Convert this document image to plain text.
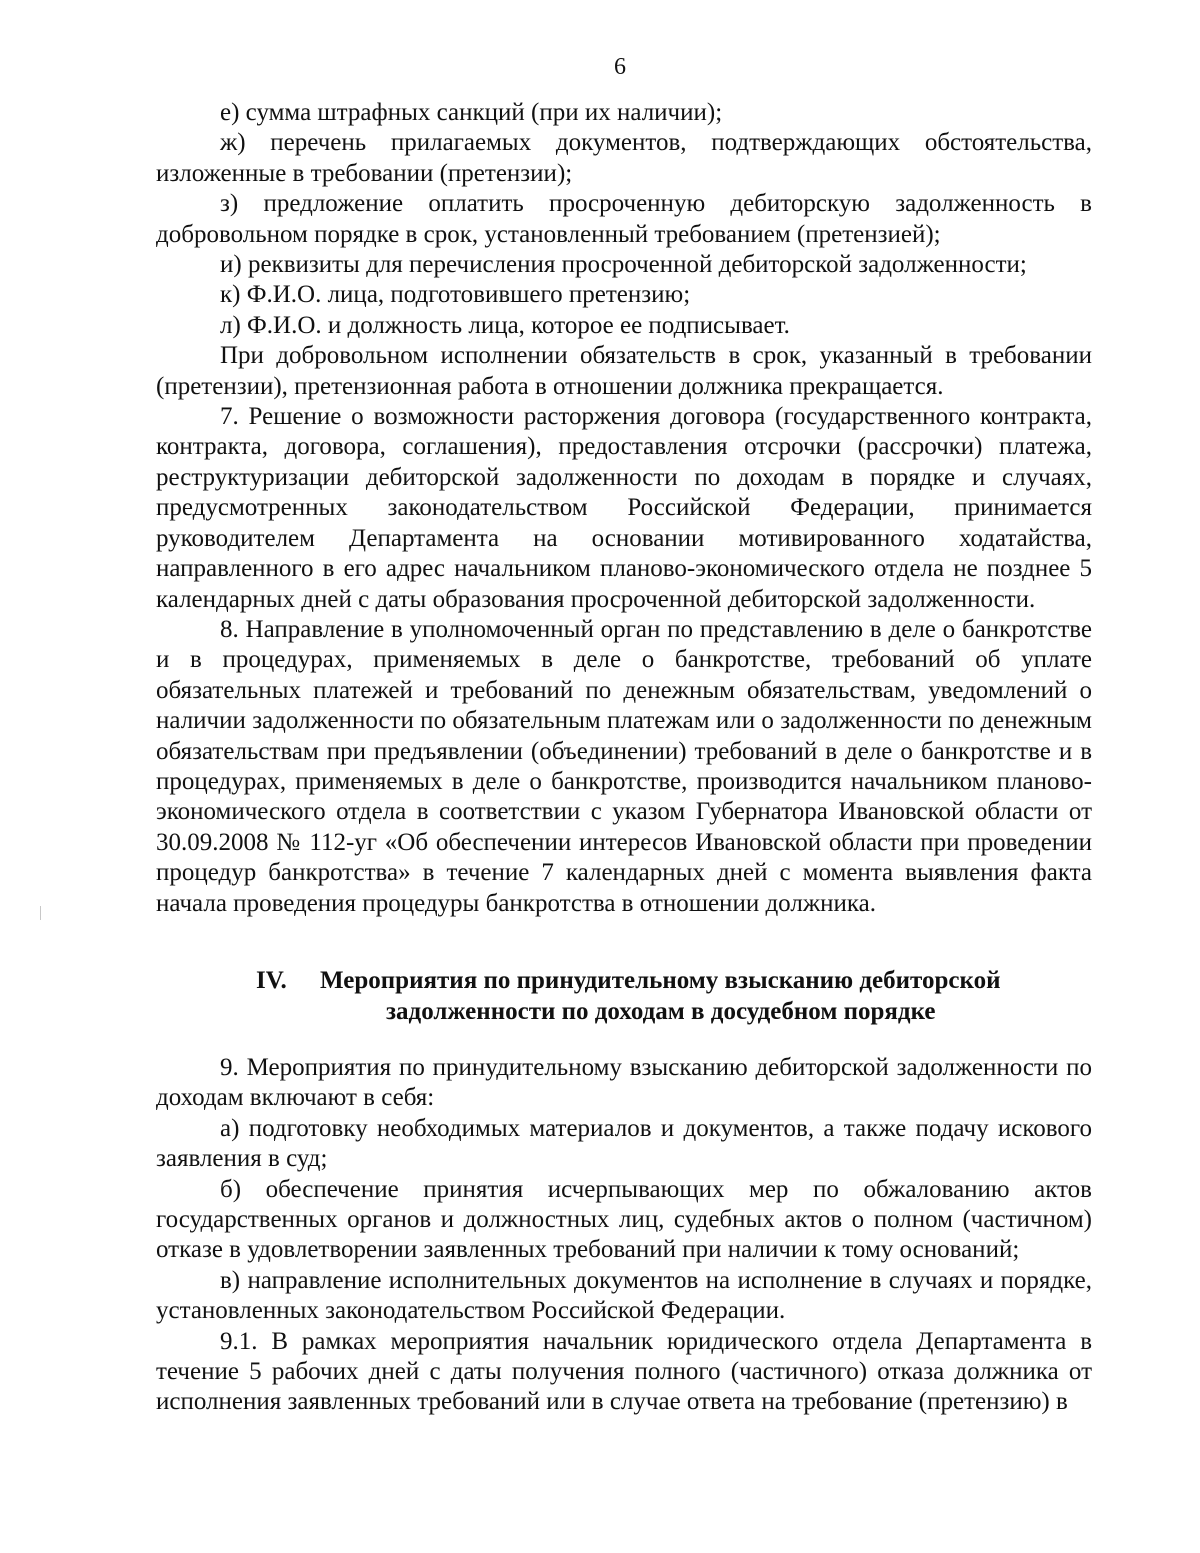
6

е) сумма штрафных санкций (при их наличии);

ж) перечень прилагаемых документов, подтверждающих обстоятельства, изложенные в требовании (претензии);

з) предложение оплатить просроченную дебиторскую задолженность в добровольном порядке в срок, установленный требованием (претензией);

и) реквизиты для перечисления просроченной дебиторской задолженности;

к) Ф.И.О. лица, подготовившего претензию;

л) Ф.И.О. и должность лица, которое ее подписывает.

При добровольном исполнении обязательств в срок, указанный в требовании (претензии), претензионная работа в отношении должника прекращается.

7. Решение о возможности расторжения договора (государственного контракта, контракта, договора, соглашения), предоставления отсрочки (рассрочки) платежа, реструктуризации дебиторской задолженности по доходам в порядке и случаях, предусмотренных законодательством Российской Федерации, принимается руководителем Департамента на основании мотивированного ходатайства, направленного в его адрес начальником планово-экономического отдела не позднее 5 календарных дней с даты образования просроченной дебиторской задолженности.

8. Направление в уполномоченный орган по представлению в деле о банкротстве и в процедурах, применяемых в деле о банкротстве, требований об уплате обязательных платежей и требований по денежным обязательствам, уведомлений о наличии задолженности по обязательным платежам или о задолженности по денежным обязательствам при предъявлении (объединении) требований в деле о банкротстве и в процедурах, применяемых в деле о банкротстве, производится начальником планово-экономического отдела в соответствии с указом Губернатора Ивановской области от 30.09.2008 № 112-уг «Об обеспечении интересов Ивановской области при проведении процедур банкротства» в течение 7 календарных дней с момента выявления факта начала проведения процедуры банкротства в отношении должника.

IV. Мероприятия по принудительному взысканию дебиторской
задолженности по доходам в досудебном порядке

9. Мероприятия по принудительному взысканию дебиторской задолженности по доходам включают в себя:

а) подготовку необходимых материалов и документов, а также подачу искового заявления в суд;

б) обеспечение принятия исчерпывающих мер по обжалованию актов государственных органов и должностных лиц, судебных актов о полном (частичном) отказе в удовлетворении заявленных требований при наличии к тому оснований;

в) направление исполнительных документов на исполнение в случаях и порядке, установленных законодательством Российской Федерации.

9.1. В рамках мероприятия начальник юридического отдела Департамента в течение 5 рабочих дней с даты получения полного (частичного) отказа должника от исполнения заявленных требований или в случае ответа на требование (претензию) в
